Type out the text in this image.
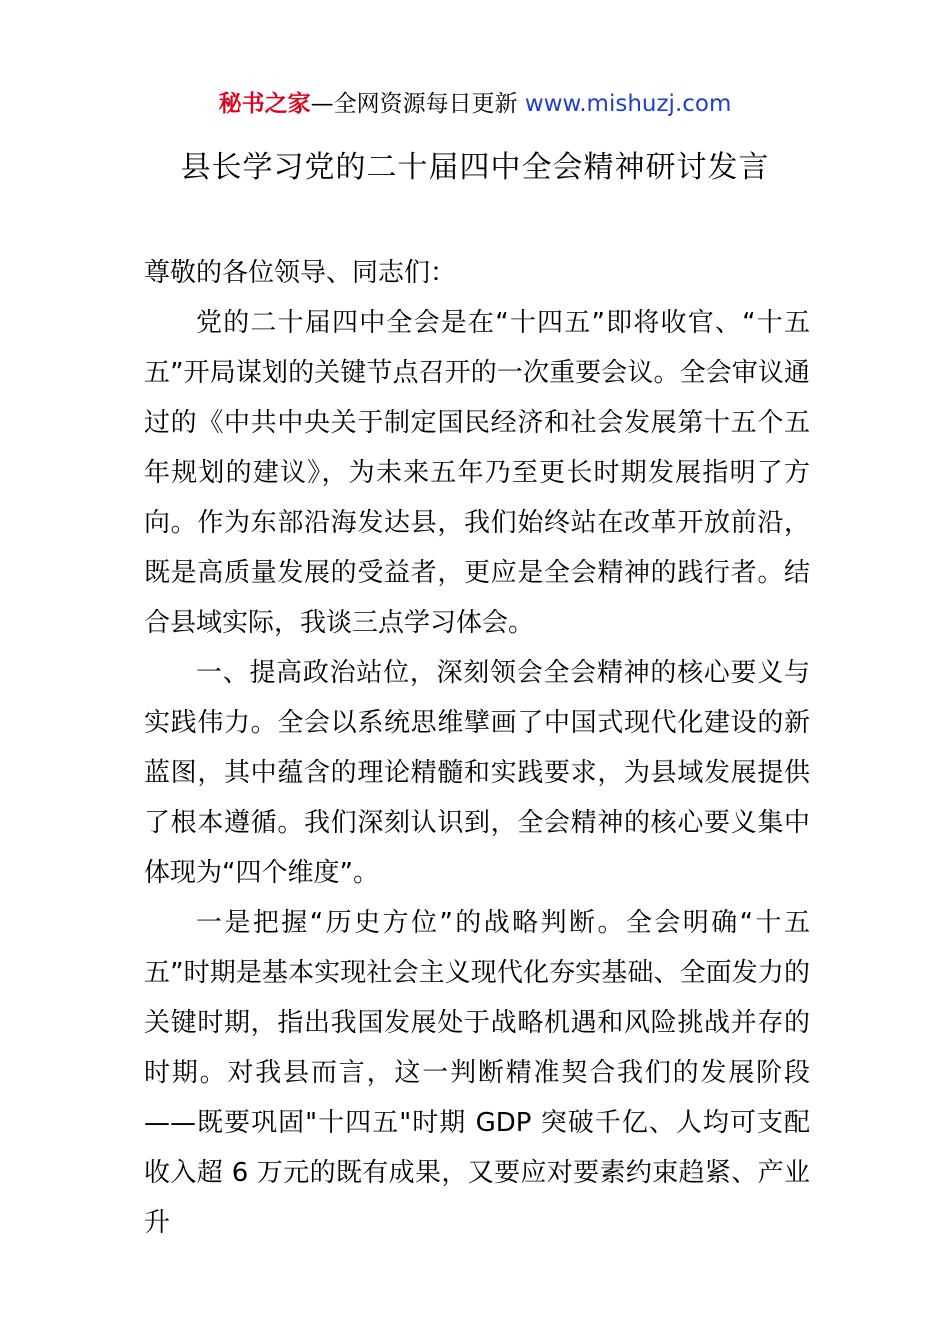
秘书之家—全网资源每日更新 www.mishuzj.com
县长学习党的二十届四中全会精神研讨发言

尊敬的各位领导、同志们：

党的二十届四中全会是在“十四五”即将收官、“十五五”开局谋划的关键节点召开的一次重要会议。全会审议通过的《中共中央关于制定国民经济和社会发展第十五个五年规划的建议》，为未来五年乃至更长时期发展指明了方向。作为东部沿海发达县，我们始终站在改革开放前沿，既是高质量发展的受益者，更应是全会精神的践行者。结合县域实际，我谈三点学习体会。

一、提高政治站位，深刻领会全会精神的核心要义与实践伟力。全会以系统思维擘画了中国式现代化建设的新蓝图，其中蕴含的理论精髓和实践要求，为县域发展提供了根本遵循。我们深刻认识到，全会精神的核心要义集中体现为“四个维度”。

一是把握“历史方位”的战略判断。全会明确“十五五”时期是基本实现社会主义现代化夯实基础、全面发力的关键时期，指出我国发展处于战略机遇和风险挑战并存的时期。对我县而言，这一判断精准契合我们的发展阶段——既要巩固"十四五"时期 GDP 突破千亿、人均可支配收入超 6 万元的既有成果，又要应对要素约束趋紧、产业升
